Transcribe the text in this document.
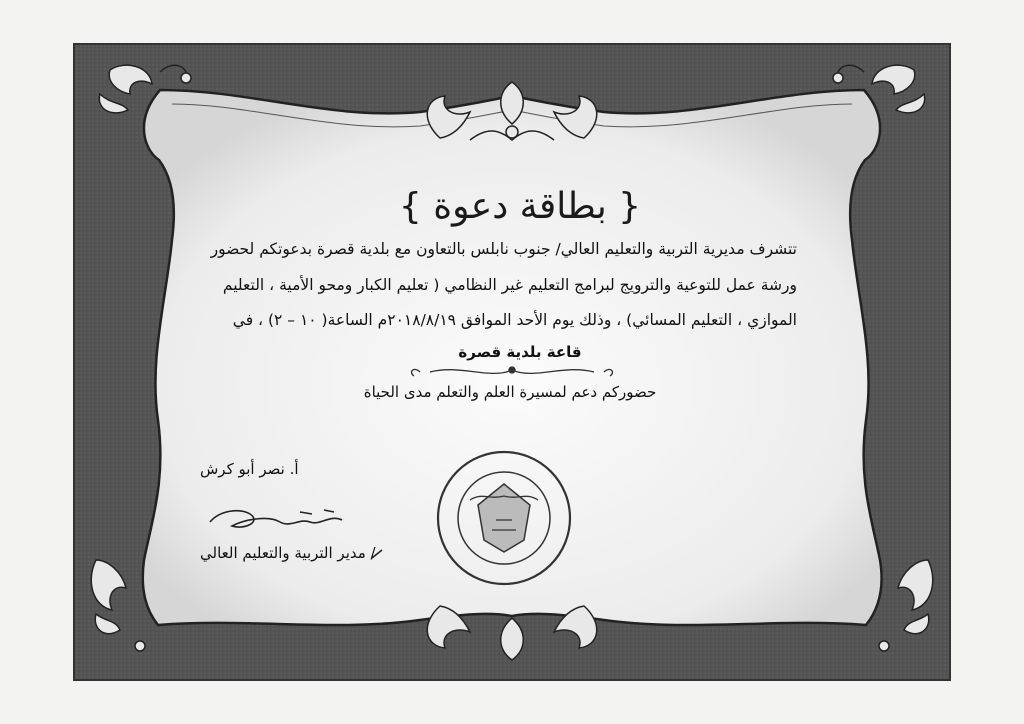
{ بطاقة دعوة }
تتشرف مديرية التربية والتعليم العالي/ جنوب نابلس بالتعاون مع بلدية قصرة بدعوتكم لحضور
ورشة عمل للتوعية والترويج لبرامج التعليم غير النظامي ( تعليم الكبار ومحو الأمية ، التعليم
الموازي ، التعليم المسائي) ، وذلك يوم الأحد الموافق ٢٠١٨/٨/١٩م الساعة( ١٠ – ٢) ، في
قاعة بلدية قصرة
حضوركم دعم لمسيرة العلم والتعلم مدى الحياة
أ. نصر أبو كرش
/ مدير التربية والتعليم العالي
